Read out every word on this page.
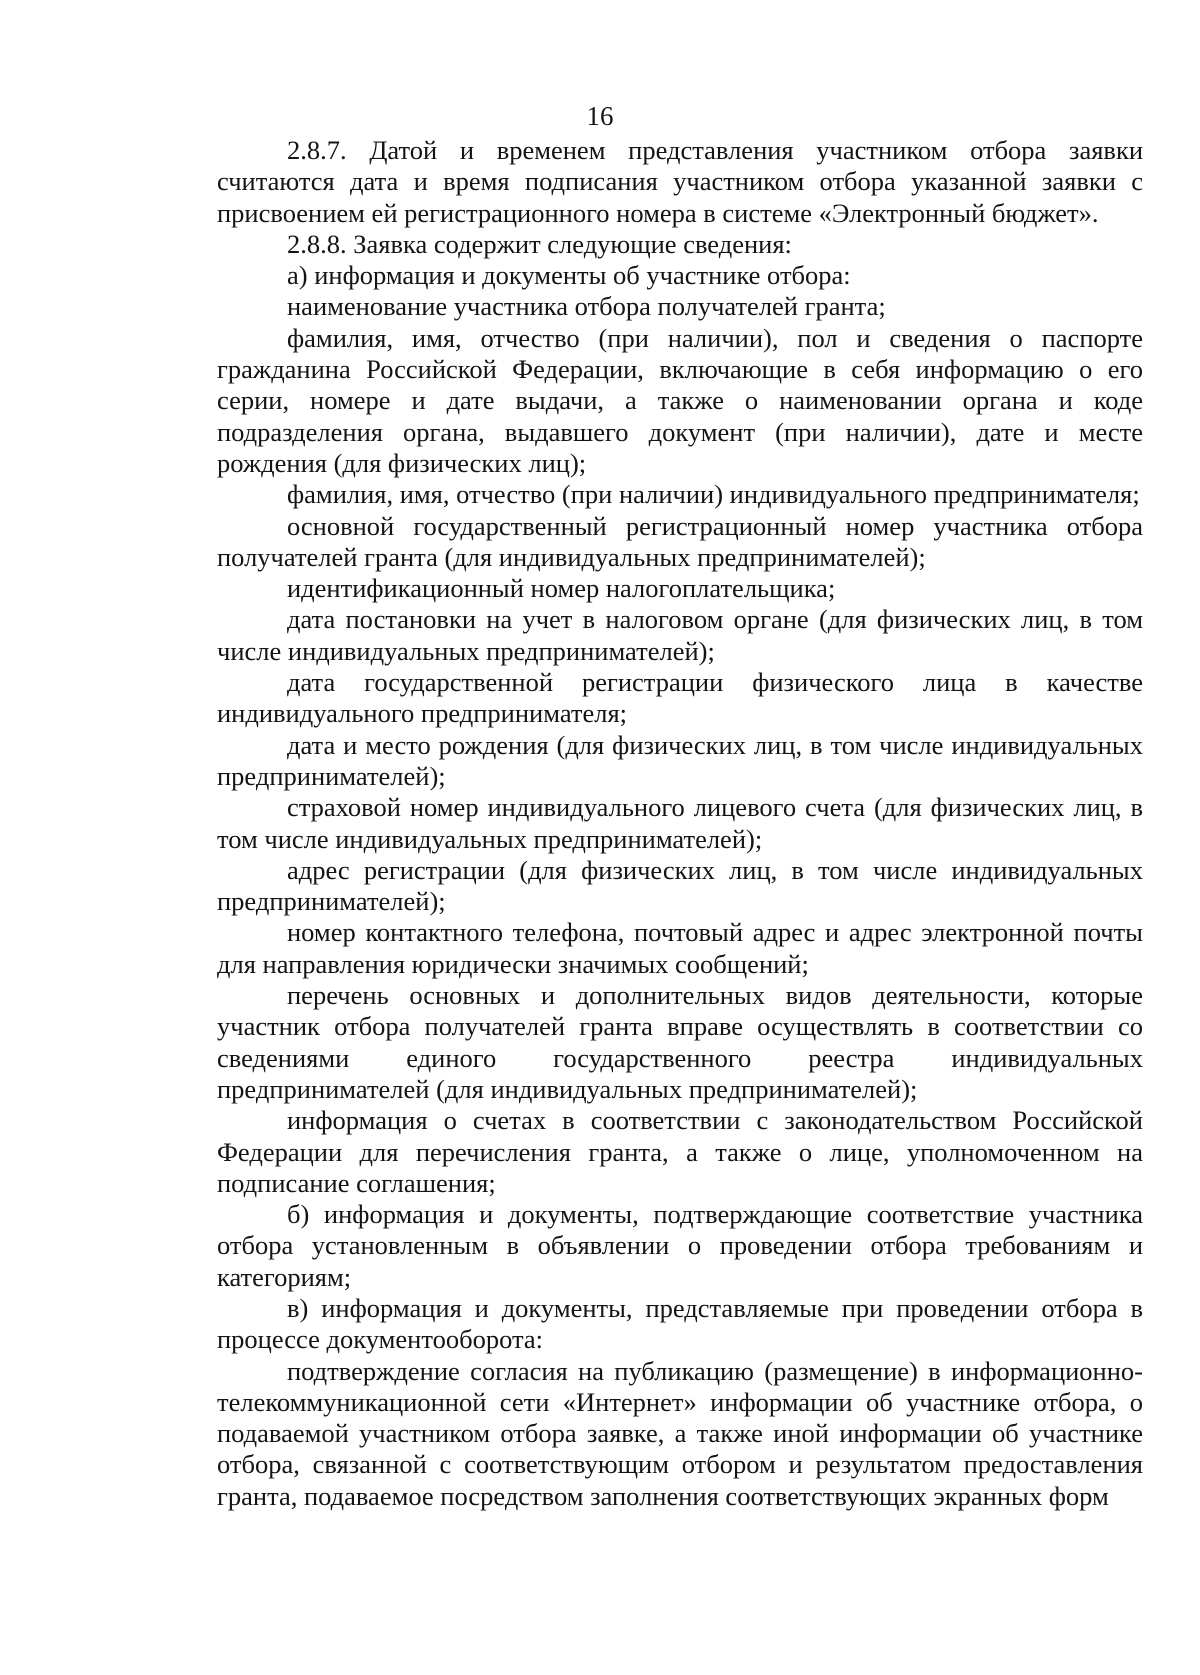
16

2.8.7. Датой и временем представления участником отбора заявки считаются дата и время подписания участником отбора указанной заявки с присвоением ей регистрационного номера в системе «Электронный бюджет».

2.8.8. Заявка содержит следующие сведения:

а) информация и документы об участнике отбора:

наименование участника отбора получателей гранта;

фамилия, имя, отчество (при наличии), пол и сведения о паспорте гражданина Российской Федерации, включающие в себя информацию о его серии, номере и дате выдачи, а также о наименовании органа и коде подразделения органа, выдавшего документ (при наличии), дате и месте рождения (для физических лиц);

фамилия, имя, отчество (при наличии) индивидуального предпринимателя;

основной государственный регистрационный номер участника отбора получателей гранта (для индивидуальных предпринимателей);

идентификационный номер налогоплательщика;

дата постановки на учет в налоговом органе (для физических лиц, в том числе индивидуальных предпринимателей);

дата государственной регистрации физического лица в качестве индивидуального предпринимателя;

дата и место рождения (для физических лиц, в том числе индивидуальных предпринимателей);

страховой номер индивидуального лицевого счета (для физических лиц, в том числе индивидуальных предпринимателей);

адрес регистрации (для физических лиц, в том числе индивидуальных предпринимателей);

номер контактного телефона, почтовый адрес и адрес электронной почты для направления юридически значимых сообщений;

перечень основных и дополнительных видов деятельности, которые участник отбора получателей гранта вправе осуществлять в соответствии со сведениями единого государственного реестра индивидуальных предпринимателей (для индивидуальных предпринимателей);

информация о счетах в соответствии с законодательством Российской Федерации для перечисления гранта, а также о лице, уполномоченном на подписание соглашения;

б) информация и документы, подтверждающие соответствие участника отбора установленным в объявлении о проведении отбора требованиям и категориям;

в) информация и документы, представляемые при проведении отбора в процессе документооборота:

подтверждение согласия на публикацию (размещение) в информационно-телекоммуникационной сети «Интернет» информации об участнике отбора, о подаваемой участником отбора заявке, а также иной информации об участнике отбора, связанной с соответствующим отбором и результатом предоставления гранта, подаваемое посредством заполнения соответствующих экранных форм
